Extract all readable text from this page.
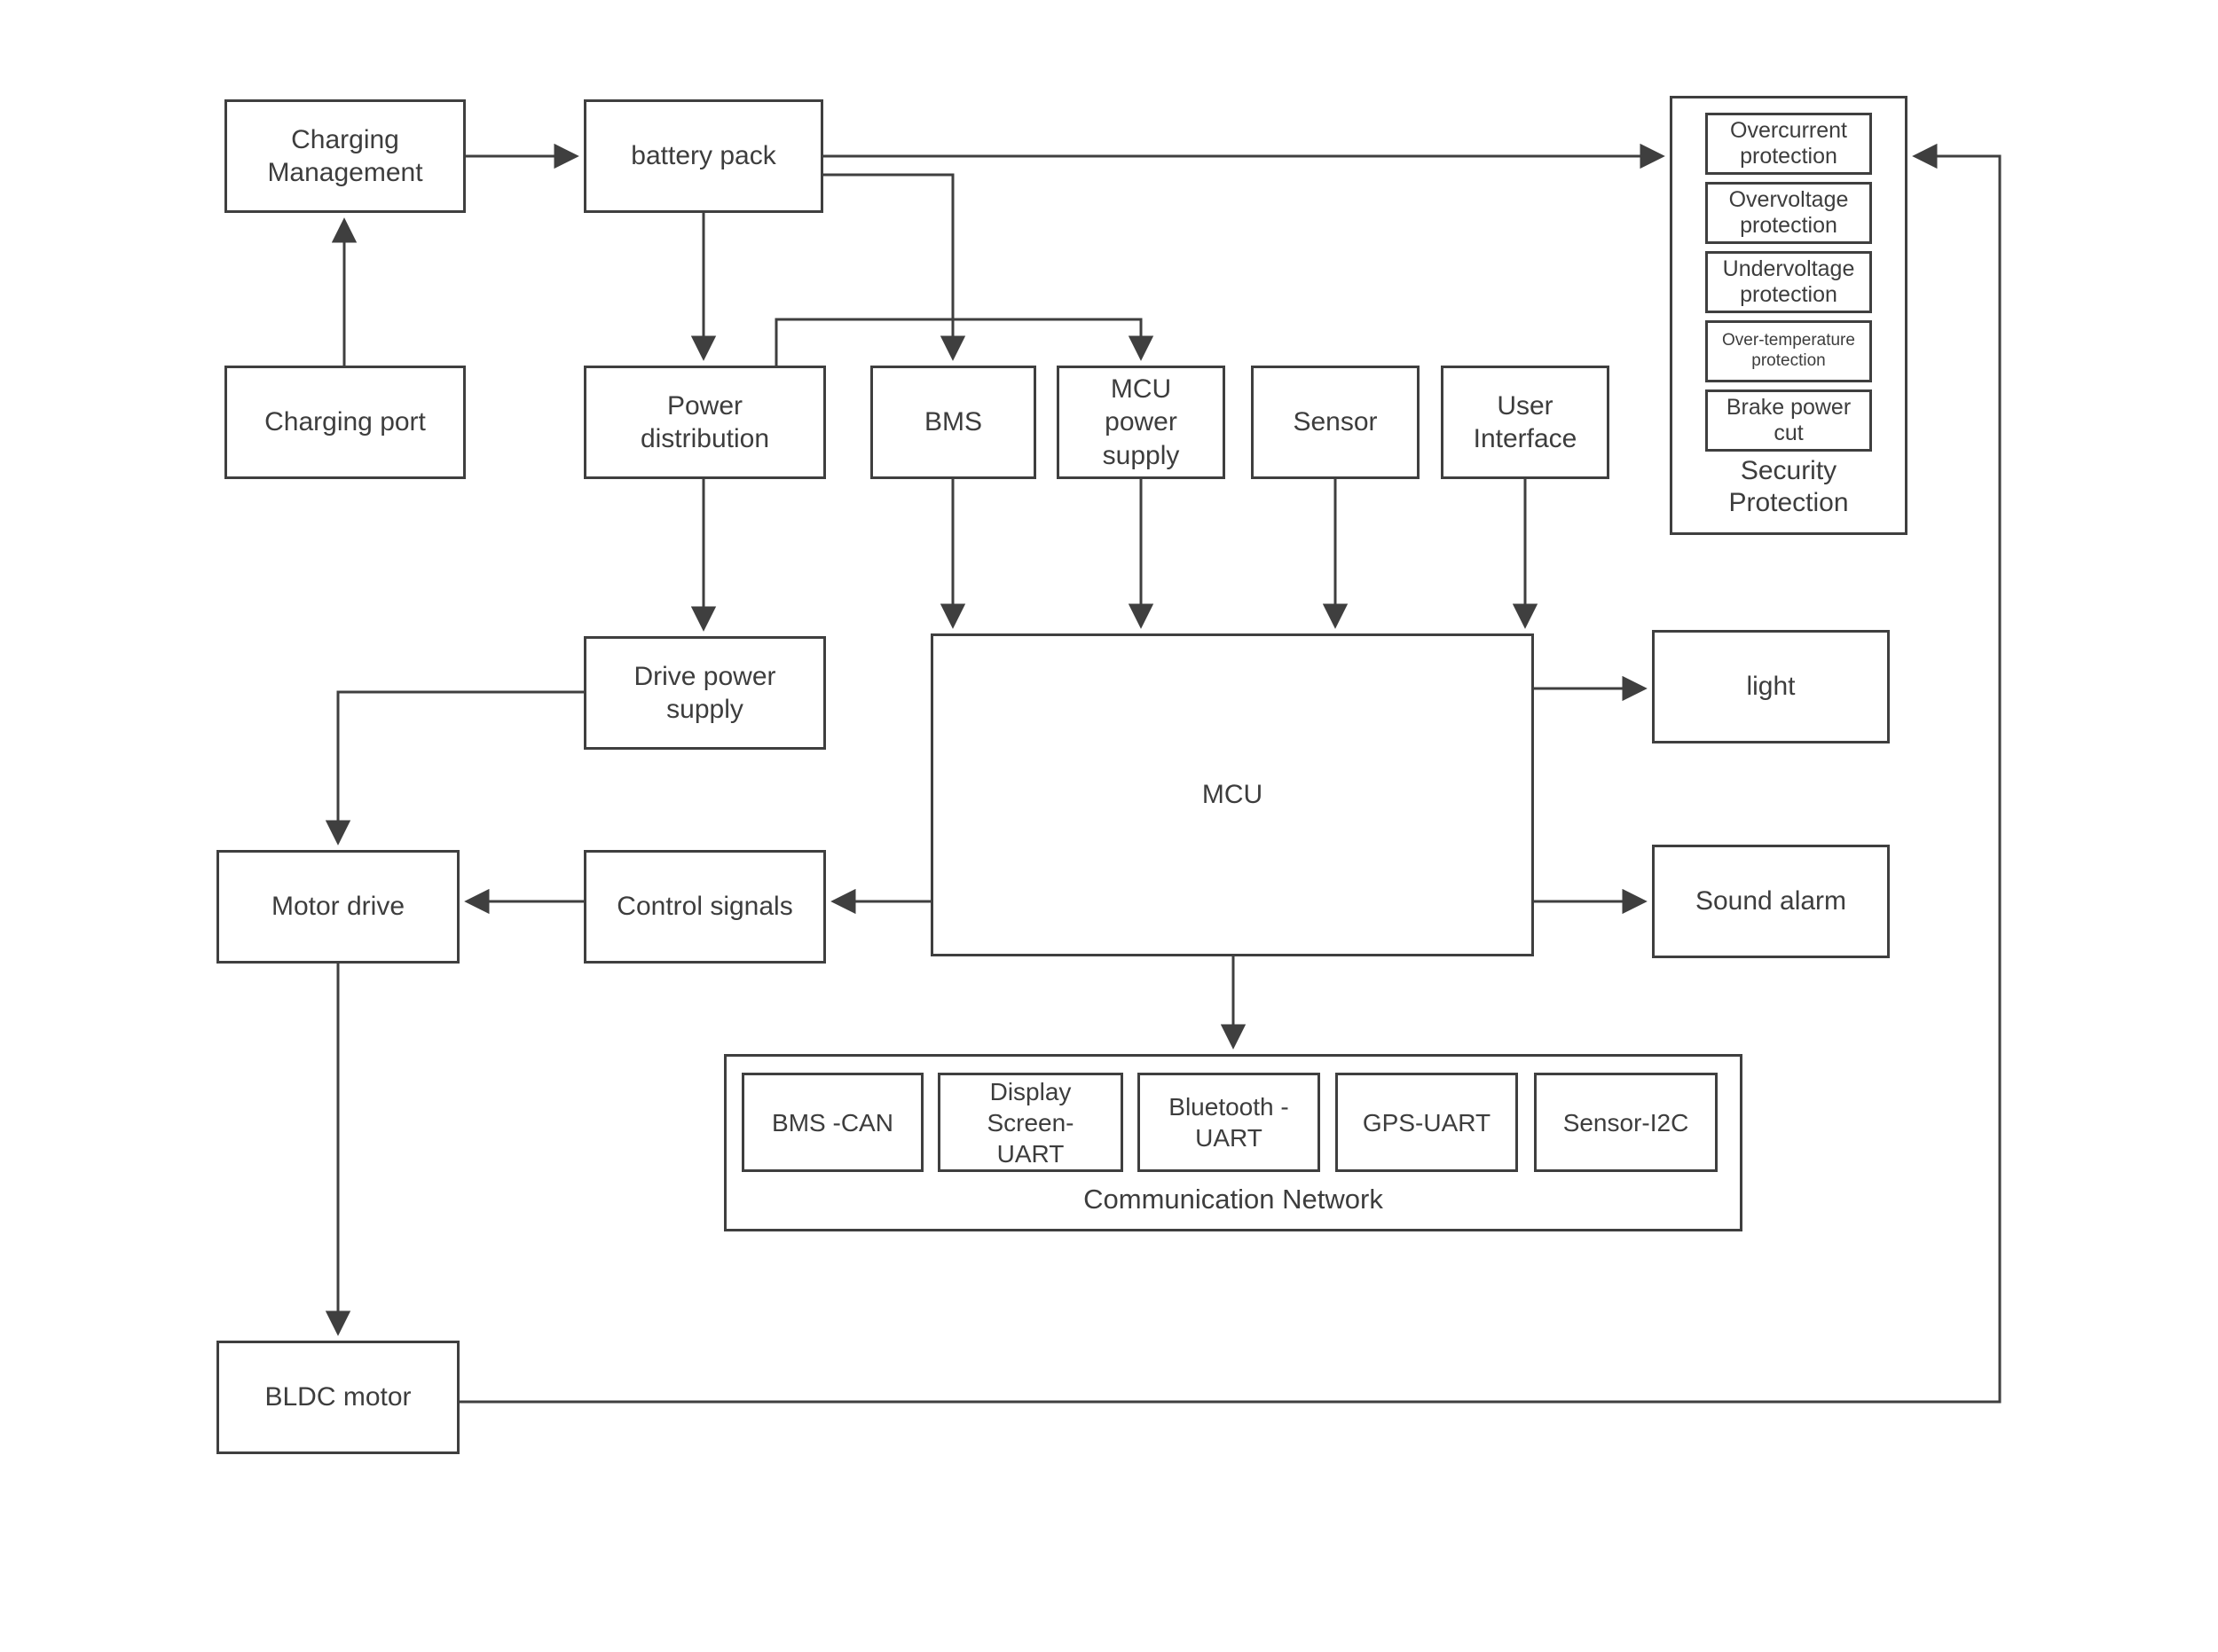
Charging Management
battery pack
Charging port
Power distribution
BMS
MCU power supply
Sensor
User Interface
Overcurrent protection
Overvoltage protection
Undervoltage protection
Over-temperature protection
Brake power cut
Security Protection
Drive power supply
MCU
light
Motor drive	Control signals	Sound alarm
BMS -CAN
Display Screen-UART
Bluetooth - UART
GPS-UART	Sensor-I2C
Communication Network
BLDC motor
